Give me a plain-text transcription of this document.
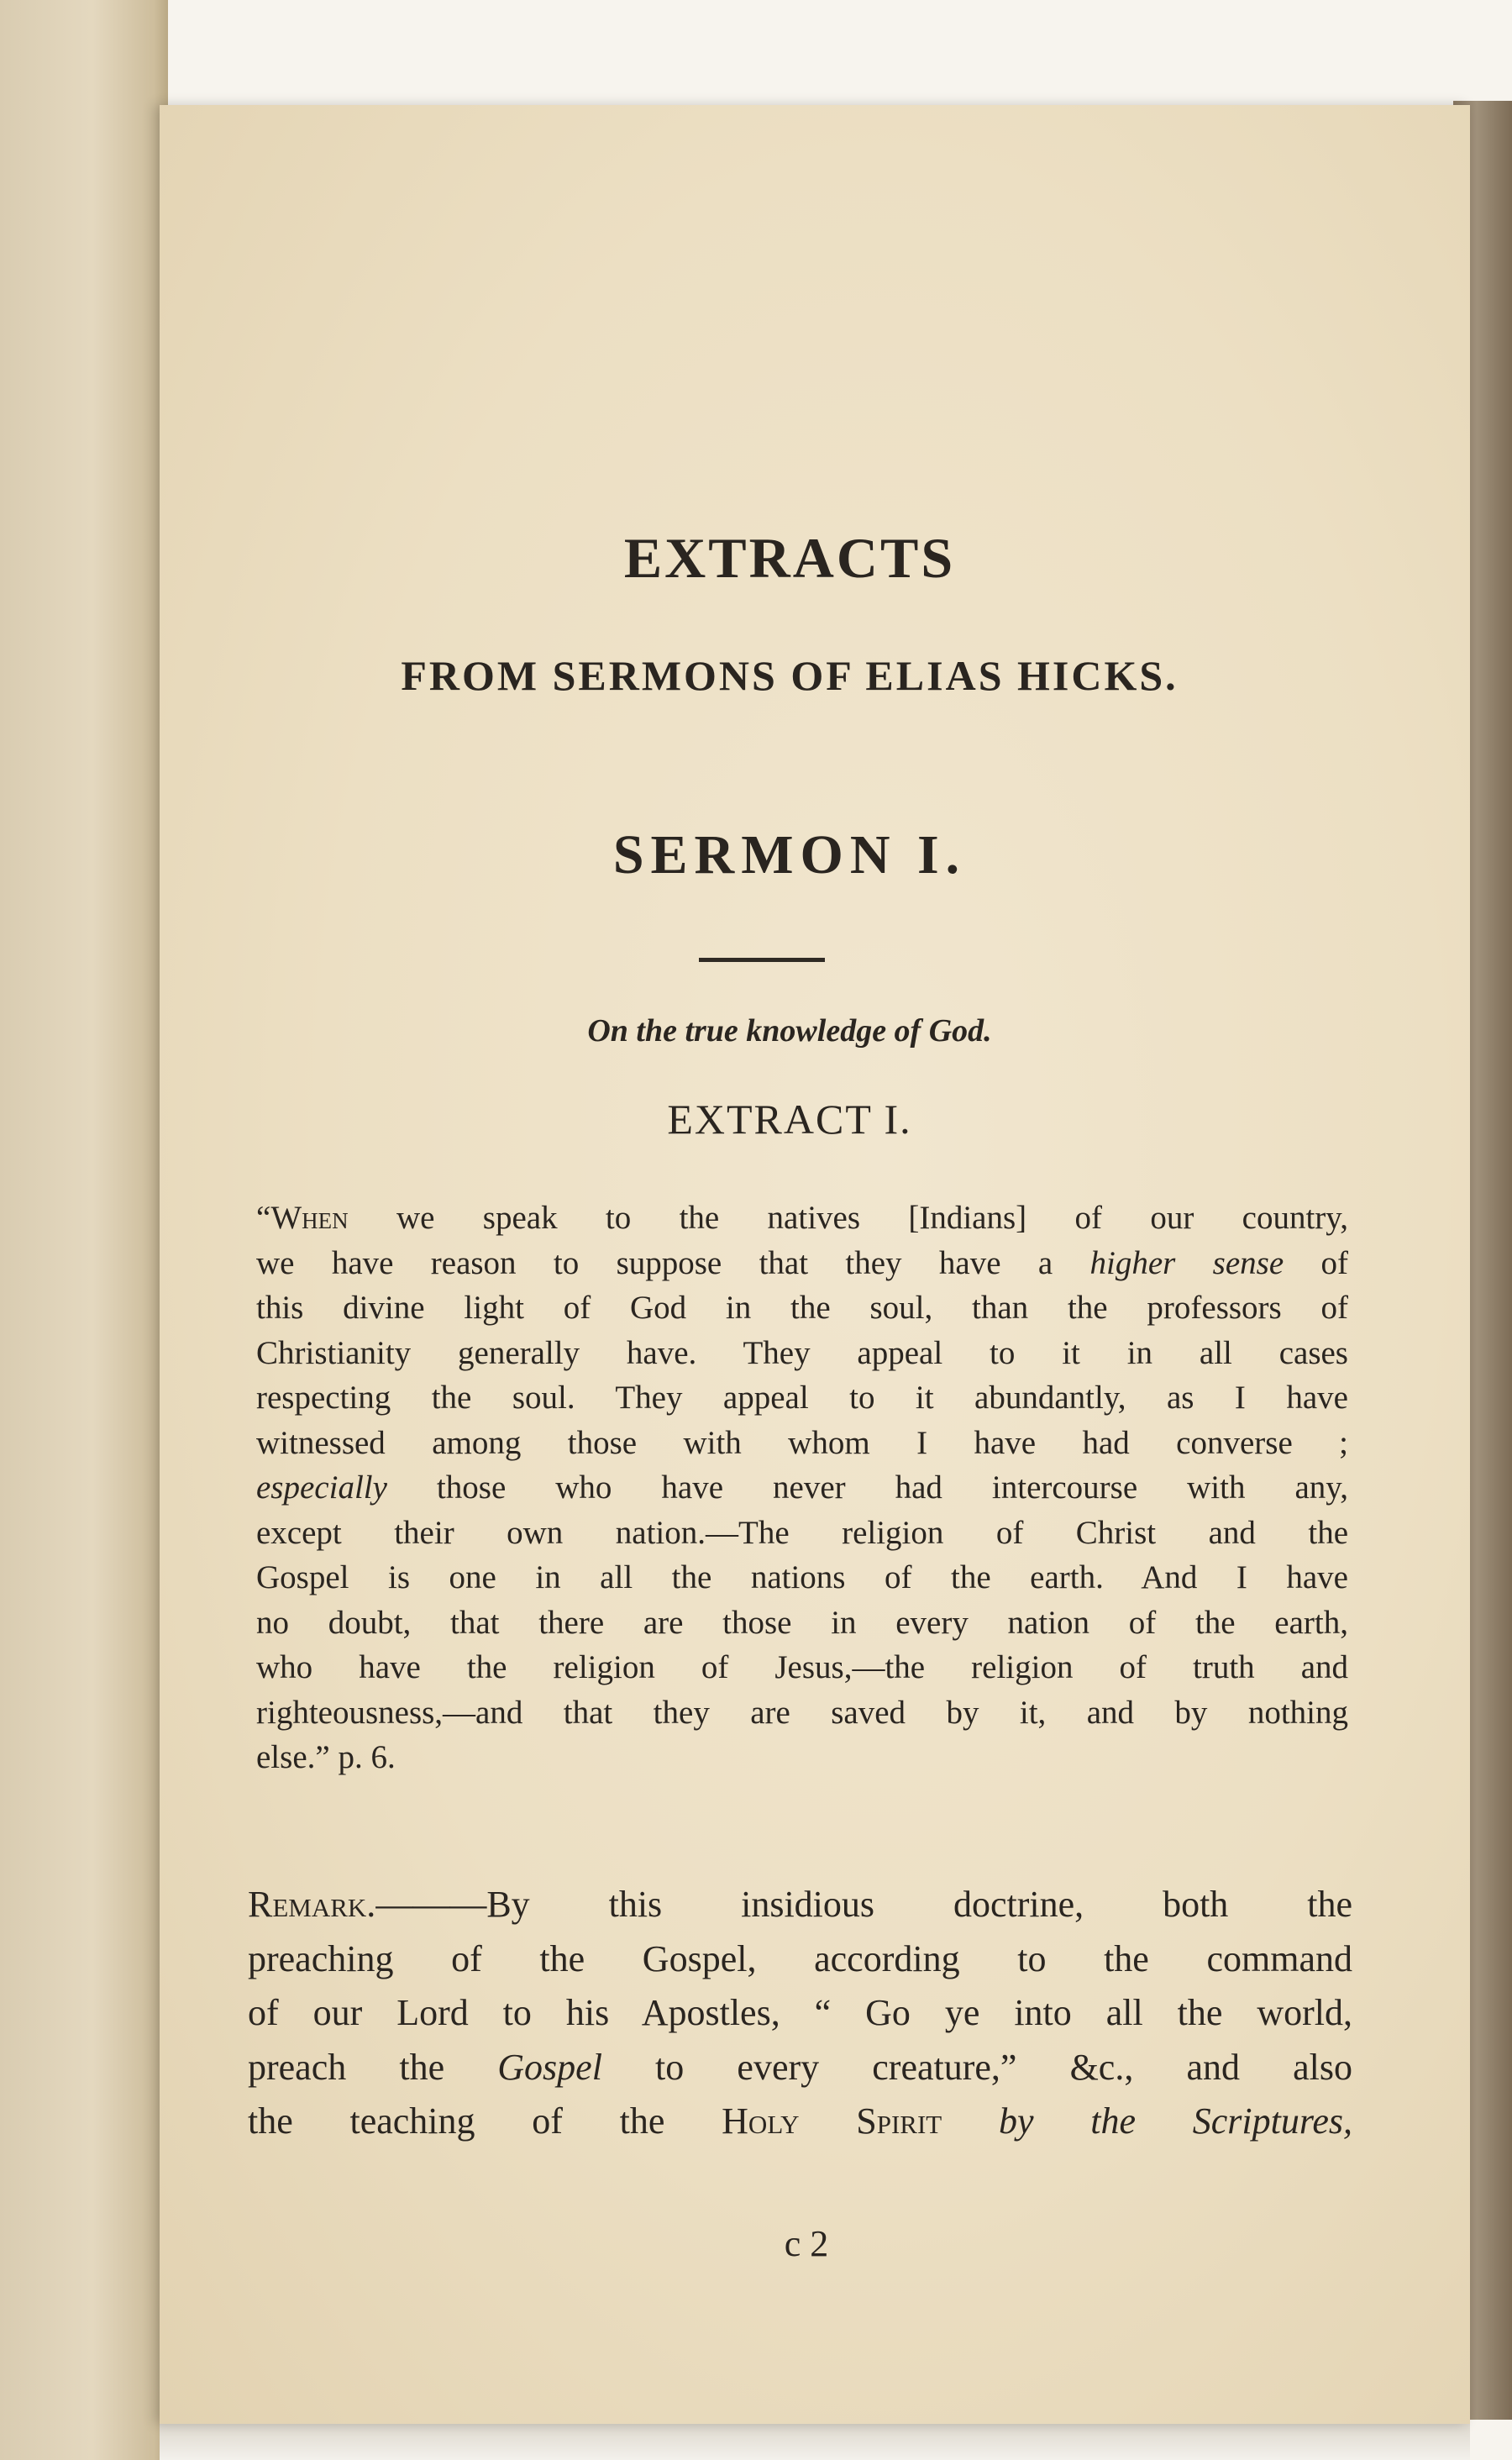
EXTRACTS
FROM SERMONS OF ELIAS HICKS.
SERMON I.
On the true knowledge of God.
EXTRACT I.
“When we speak to the natives [Indians] of our country,
we have reason to suppose that they have a higher sense of
this divine light of God in the soul, than the professors of
Christianity generally have. They appeal to it in all cases
respecting the soul. They appeal to it abundantly, as I have
witnessed among those with whom I have had converse ;
especially those who have never had intercourse with any,
except their own nation.—The religion of Christ and the
Gospel is one in all the nations of the earth. And I have
no doubt, that there are those in every nation of the earth,
who have the religion of Jesus,—the religion of truth and
righteousness,—and that they are saved by it, and by nothing
else.” p. 6.
Remark.———By this insidious doctrine, both the
preaching of the Gospel, according to the command
of our Lord to his Apostles, “ Go ye into all the world,
preach the Gospel to every creature,” &c., and also
the teaching of the Holy Spirit by the Scriptures,
c 2
